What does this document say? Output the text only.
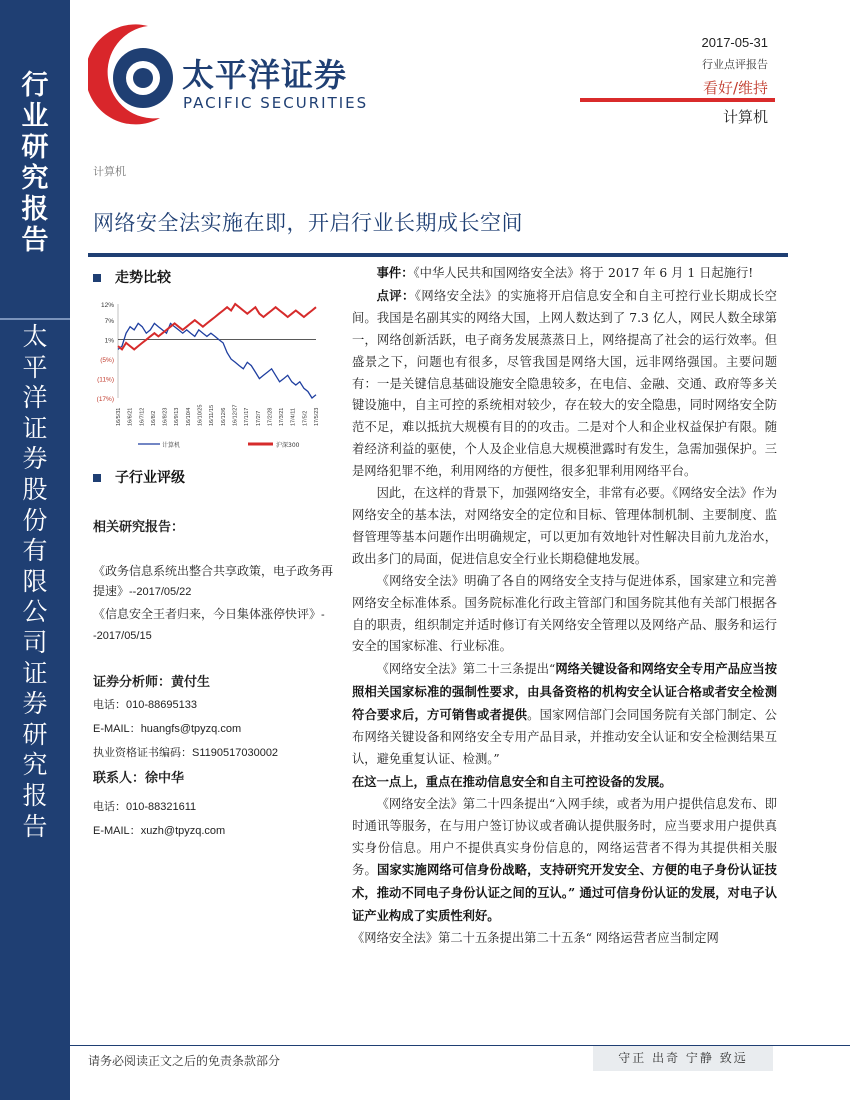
行
业
研
究
报
告
太
平
洋
证
券
股
份
有
限
公
司
证
券
研
究
报
告
太平洋证券
PACIFIC SECURITIES
2017-05-31
行业点评报告
看好/维持
计算机
计算机
网络安全法实施在即，开启行业长期成长空间
走势比较
12%
7%
1%
(5%)
(11%)
(17%)
16/5/31 16/6/21 16/7/12 16/8/2 16/8/23 16/9/13 16/10/4 16/10/25 16/11/15 16/12/6 16/12/27 17/1/17 17/2/7 17/2/28 17/3/21 17/4/11 17/5/2 17/5/23
计算机	沪深300
子行业评级
相关研究报告：
《政务信息系统出整合共享政策，电子政务再提速》--2017/05/22
《信息安全王者归来，今日集体涨停快评》--2017/05/15
证券分析师：黄付生
电话：010-88695133
E-MAIL：huangfs@tpyzq.com
执业资格证书编码：S1190517030002
联系人：徐中华
电话：010-88321611
E-MAIL：xuzh@tpyzq.com

事件：《中华人民共和国网络安全法》将于 2017 年 6 月 1 日起施行!

点评：《网络安全法》的实施将开启信息安全和自主可控行业长期成长空间。我国是名副其实的网络大国，上网人数达到了 7.3 亿人，网民人数全球第一，网络创新活跃，电子商务发展蒸蒸日上，网络提高了社会的运行效率。但盛景之下，问题也有很多，尽管我国是网络大国，远非网络强国。主要问题有：一是关键信息基础设施安全隐患较多，在电信、金融、交通、政府等多关键设施中，自主可控的系统相对较少，存在较大的安全隐患，同时网络安全防范不足，难以抵抗大规模有目的的攻击。二是对个人和企业权益保护有限。随着经济利益的驱使，个人及企业信息大规模泄露时有发生，急需加强保护。三是网络犯罪不绝，利用网络的方便性，很多犯罪利用网络平台。

因此，在这样的背景下，加强网络安全，非常有必要。《网络安全法》作为网络安全的基本法，对网络安全的定位和目标、管理体制机制、主要制度、监督管理等基本问题作出明确规定，可以更加有效地针对性解决目前九龙治水，政出多门的局面，促进信息安全行业长期稳健地发展。

《网络安全法》明确了各自的网络安全支持与促进体系，国家建立和完善网络安全标准体系。国务院标准化行政主管部门和国务院其他有关部门根据各自的职责，组织制定并适时修订有关网络安全管理以及网络产品、服务和运行安全的国家标准、行业标准。

《网络安全法》第二十三条提出“网络关键设备和网络安全专用产品应当按照相关国家标准的强制性要求，由具备资格的机构安全认证合格或者安全检测符合要求后，方可销售或者提供。国家网信部门会同国务院有关部门制定、公布网络关键设备和网络安全专用产品目录，并推动安全认证和安全检测结果互认，避免重复认证、检测。”
在这一点上，重点在推动信息安全和自主可控设备的发展。

《网络安全法》第二十四条提出“入网手续，或者为用户提供信息发布、即时通讯等服务，在与用户签订协议或者确认提供服务时，应当要求用户提供真实身份信息。用户不提供真实身份信息的，网络运营者不得为其提供相关服务。国家实施网络可信身份战略，支持研究开发安全、方便的电子身份认证技术，推动不同电子身份认证之间的互认。” 通过可信身份认证的发展，对电子认证产业构成了实质性利好。

《网络安全法》第二十五条提出第二十五条“ 网络运营者应当制定网

请务必阅读正文之后的免责条款部分	守正 出奇 宁静 致远
